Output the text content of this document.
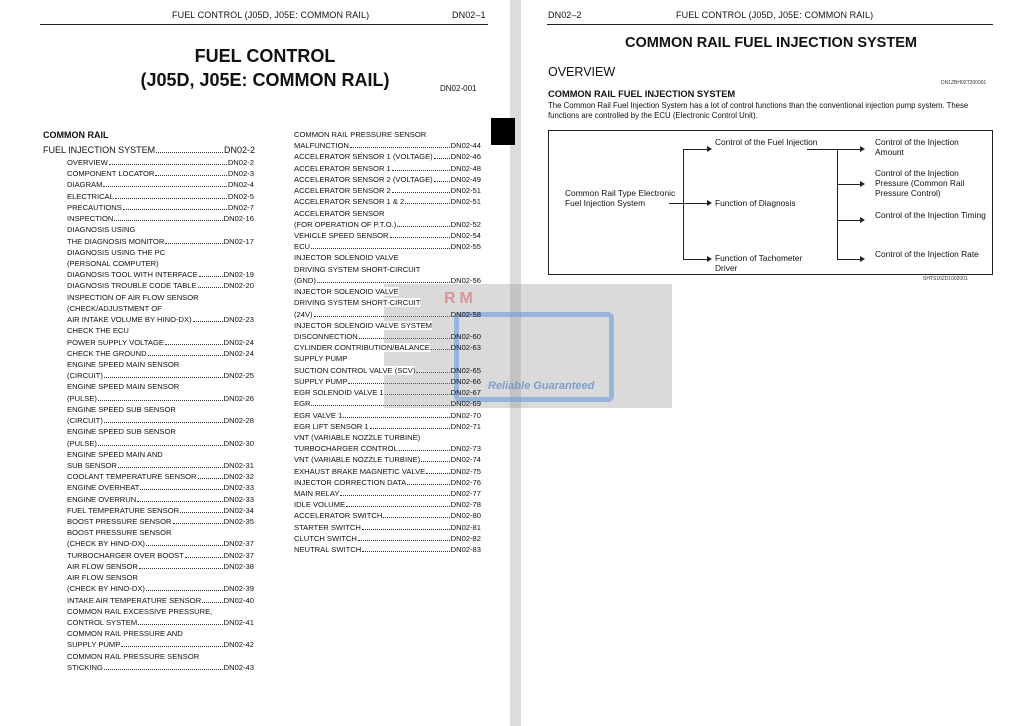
FUEL CONTROL (J05D, J05E: COMMON RAIL)	DN02–1
FUEL CONTROL
(J05D, J05E: COMMON RAIL)	DN02-001
COMMON RAIL
FUEL INJECTION SYSTEM	DN02-2
OVERVIEW	DN02-2
COMPONENT LOCATOR	DN02-3
DIAGRAM	DN02-4
ELECTRICAL	DN02-5
PRECAUTIONS	DN02-7
INSPECTION	DN02-16
DIAGNOSIS USING
THE DIAGNOSIS MONITOR	DN02-17
DIAGNOSIS USING THE PC
(PERSONAL COMPUTER)
DIAGNOSIS TOOL WITH INTERFACE	DN02-19
DIAGNOSIS TROUBLE CODE TABLE	DN02-20
INSPECTION OF AIR FLOW SENSOR
(CHECK/ADJUSTMENT OF
AIR INTAKE VOLUME BY HINO-DX)	DN02-23
CHECK THE ECU
POWER SUPPLY VOLTAGE	DN02-24
CHECK THE GROUND	DN02-24
ENGINE SPEED MAIN SENSOR
(CIRCUIT)	DN02-25
ENGINE SPEED MAIN SENSOR
(PULSE)	DN02-26
ENGINE SPEED SUB SENSOR
(CIRCUIT)	DN02-28
ENGINE SPEED SUB SENSOR
(PULSE)	DN02-30
ENGINE SPEED MAIN AND
SUB SENSOR	DN02-31
COOLANT TEMPERATURE SENSOR	DN02-32
ENGINE OVERHEAT	DN02-33
ENGINE OVERRUN	DN02-33
FUEL TEMPERATURE SENSOR	DN02-34
BOOST PRESSURE SENSOR	DN02-35
BOOST PRESSURE SENSOR
(CHECK BY HINO-DX)	DN02-37
TURBOCHARGER OVER BOOST	DN02-37
AIR FLOW SENSOR	DN02-38
AIR FLOW SENSOR
(CHECK BY HINO-DX)	DN02-39
INTAKE AIR TEMPERATURE SENSOR	DN02-40
COMMON RAIL EXCESSIVE PRESSURE,
CONTROL SYSTEM	DN02-41
COMMON RAIL PRESSURE AND
SUPPLY PUMP	DN02-42
COMMON RAIL PRESSURE SENSOR
STICKING	DN02-43
COMMON RAIL PRESSURE SENSOR
MALFUNCTION	DN02-44
ACCELERATOR SENSOR 1 (VOLTAGE) DN02-46
ACCELERATOR SENSOR 1	DN02-48
ACCELERATOR SENSOR 2 (VOLTAGE) DN02-49
ACCELERATOR SENSOR 2	DN02-51
ACCELERATOR SENSOR 1 & 2	DN02-51
ACCELERATOR SENSOR
(FOR OPERATION OF P.T.O.)	DN02-52
VEHICLE SPEED SENSOR	DN02-54
ECU	DN02-55
INJECTOR SOLENOID VALVE
DRIVING SYSTEM SHORT-CIRCUIT
(GND)	DN02-56
INJECTOR SOLENOID VALVE
DRIVING SYSTEM SHORT-CIRCUIT
(24V)	DN02-58
INJECTOR SOLENOID VALVE SYSTEM
DISCONNECTION	DN02-60
CYLINDER CONTRIBUTION/BALANCE	DN02-63
SUPPLY PUMP
SUCTION CONTROL VALVE (SCV)	DN02-65
SUPPLY PUMP	DN02-66
EGR SOLENOID VALVE 1	DN02-67
EGR	DN02-69
EGR VALVE 1	DN02-70
EGR LIFT SENSOR 1	DN02-71
VNT (VARIABLE NOZZLE TURBINE)
TURBOCHARGER CONTROL	DN02-73
VNT (VARIABLE NOZZLE TURBINE)	DN02-74
EXHAUST BRAKE MAGNETIC VALVE	DN02-75
INJECTOR CORRECTION DATA	DN02-76
MAIN RELAY	DN02-77
IDLE VOLUME	DN02-78
ACCELERATOR SWITCH	DN02-80
STARTER SWITCH	DN02-81
CLUTCH SWITCH	DN02-82
NEUTRAL SWITCH	DN02-83
DN02–2	FUEL CONTROL (J05D, J05E: COMMON RAIL)
COMMON RAIL FUEL INJECTION SYSTEM
OVERVIEW
DN1ZBH02T200001
COMMON RAIL FUEL INJECTION SYSTEM
The Common Rail Fuel Injection System has a lot of control functions than the conventional injection pump system. These functions are controlled by the ECU (Electronic Control Unit).
Common Rail Type Electronic Fuel Injection System
Control of the Fuel Injection
Function of Diagnosis
Function of Tachometer Driver
Control of the Injection Amount
Control of the Injection Pressure (Common Rail Pressure Control)
Control of the Injection Timing
Control of the Injection Rate
SHTS162D1002001
RM
Reliable Guaranteed
